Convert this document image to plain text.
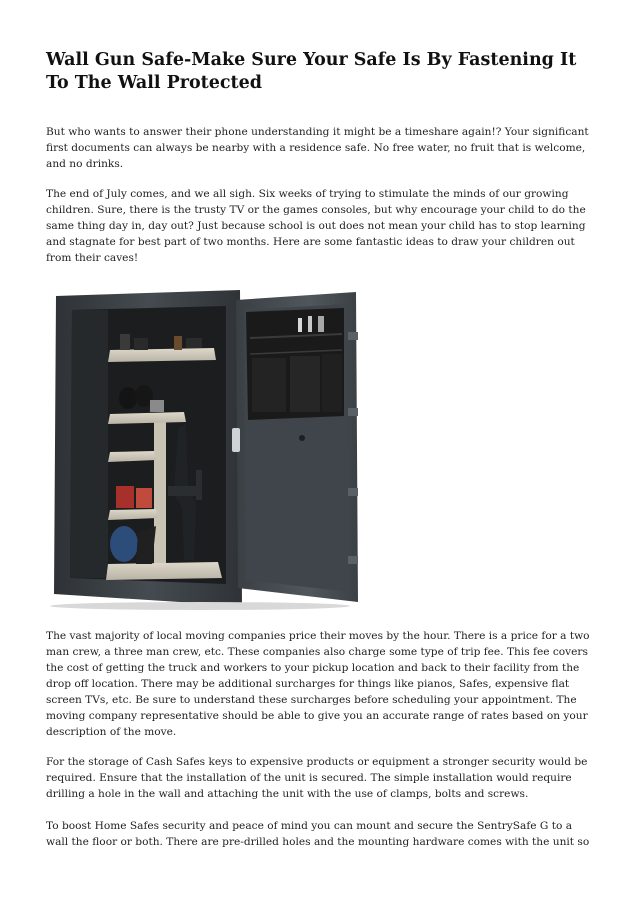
Wall Gun Safe-Make Sure Your Safe Is By Fastening It To The Wall Protected

But who wants to answer their phone understanding it might be a timeshare again!? Your significant first documents can always be nearby with a residence safe. No free water, no fruit that is welcome, and no drinks.

The end of July comes, and we all sigh. Six weeks of trying to stimulate the minds of our growing children. Sure, there is the trusty TV or the games consoles, but why encourage your child to do the same thing day in, day out? Just because school is out does not mean your child has to stop learning and stagnate for best part of two months. Here are some fantastic ideas to draw your children out from their caves!

The vast majority of local moving companies price their moves by the hour. There is a price for a two man crew, a three man crew, etc. These companies also charge some type of trip fee. This fee covers the cost of getting the truck and workers to your pickup location and back to their facility from the drop off location. There may be additional surcharges for things like pianos, Safes, expensive flat screen TVs, etc. Be sure to understand these surcharges before scheduling your appointment. The moving company representative should be able to give you an accurate range of rates based on your description of the move.

For the storage of Cash Safes keys to expensive products or equipment a stronger security would be required. Ensure that the installation of the unit is secured. The simple installation would require drilling a hole in the wall and attaching the unit with the use of clamps, bolts and screws.

To boost Home Safes security and peace of mind you can mount and secure the SentrySafe G to a wall the floor or both. There are pre-drilled holes and the mounting hardware comes with the unit so
